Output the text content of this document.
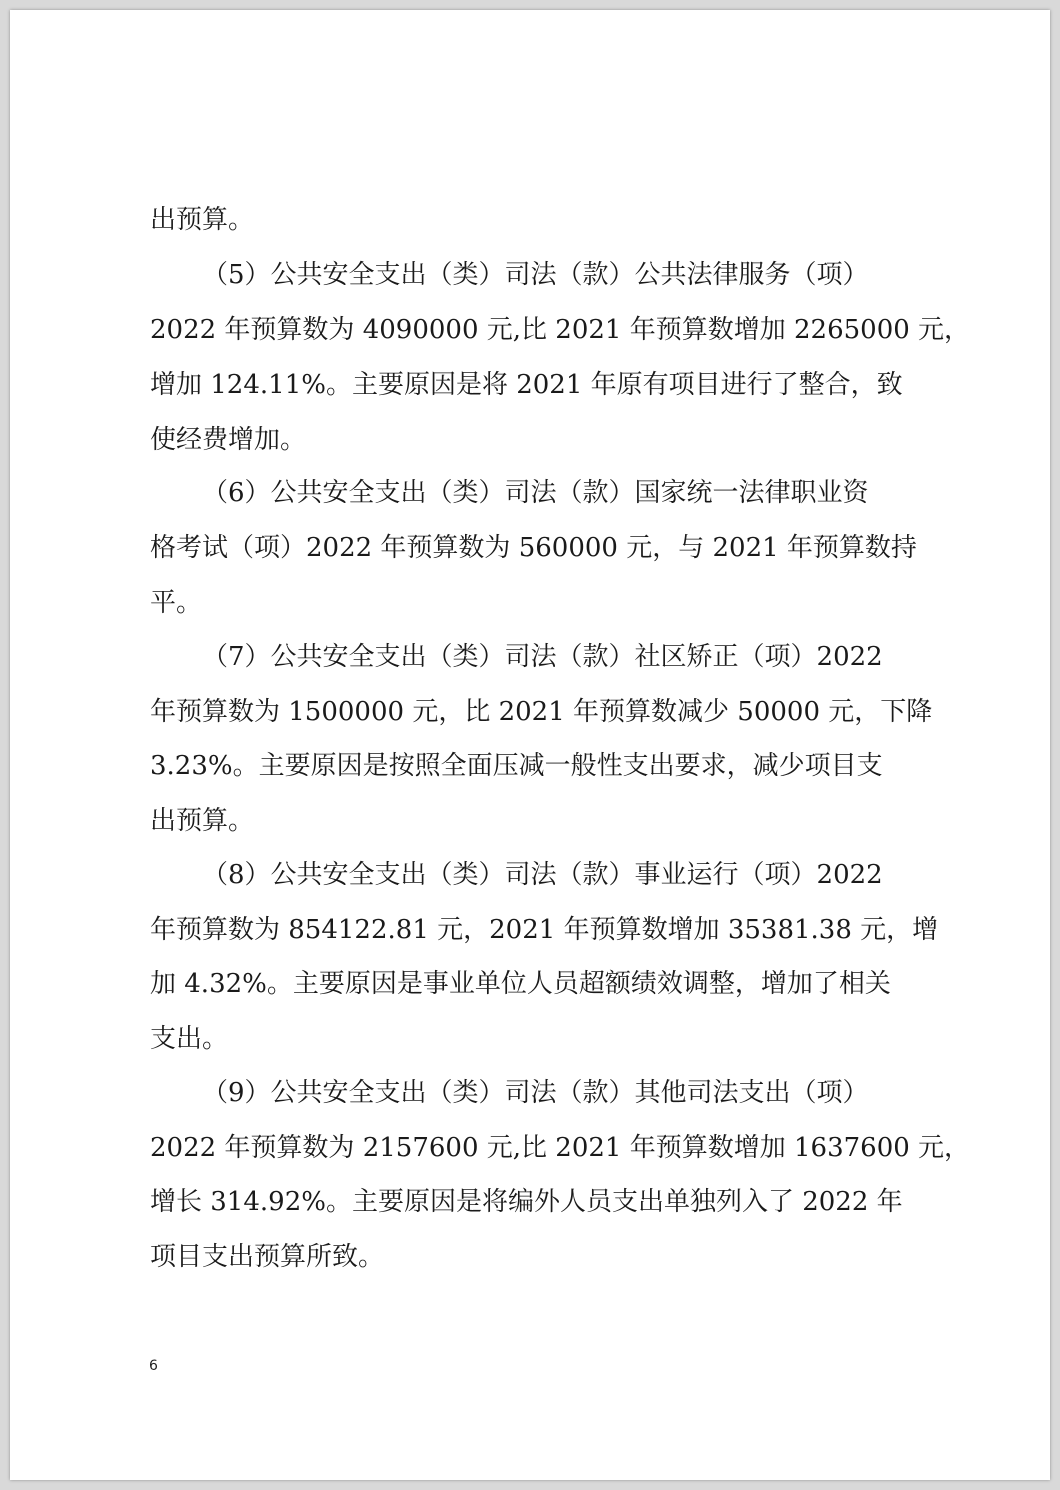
出预算。
（5）公共安全支出（类）司法（款）公共法律服务（项）
2022 年预算数为 4090000 元,比 2021 年预算数增加 2265000 元，
增加 124.11%。主要原因是将 2021 年原有项目进行了整合，致
使经费增加。
（6）公共安全支出（类）司法（款）国家统一法律职业资
格考试（项）2022 年预算数为 560000 元，与 2021 年预算数持
平。
（7）公共安全支出（类）司法（款）社区矫正（项）2022
年预算数为 1500000 元，比 2021 年预算数减少 50000 元，下降
3.23%。主要原因是按照全面压减一般性支出要求，减少项目支
出预算。
（8）公共安全支出（类）司法（款）事业运行（项）2022
年预算数为 854122.81 元，2021 年预算数增加 35381.38 元，增
加 4.32%。主要原因是事业单位人员超额绩效调整，增加了相关
支出。
（9）公共安全支出（类）司法（款）其他司法支出（项）
2022 年预算数为 2157600 元,比 2021 年预算数增加 1637600 元，
增长 314.92%。主要原因是将编外人员支出单独列入了 2022 年
项目支出预算所致。
6
